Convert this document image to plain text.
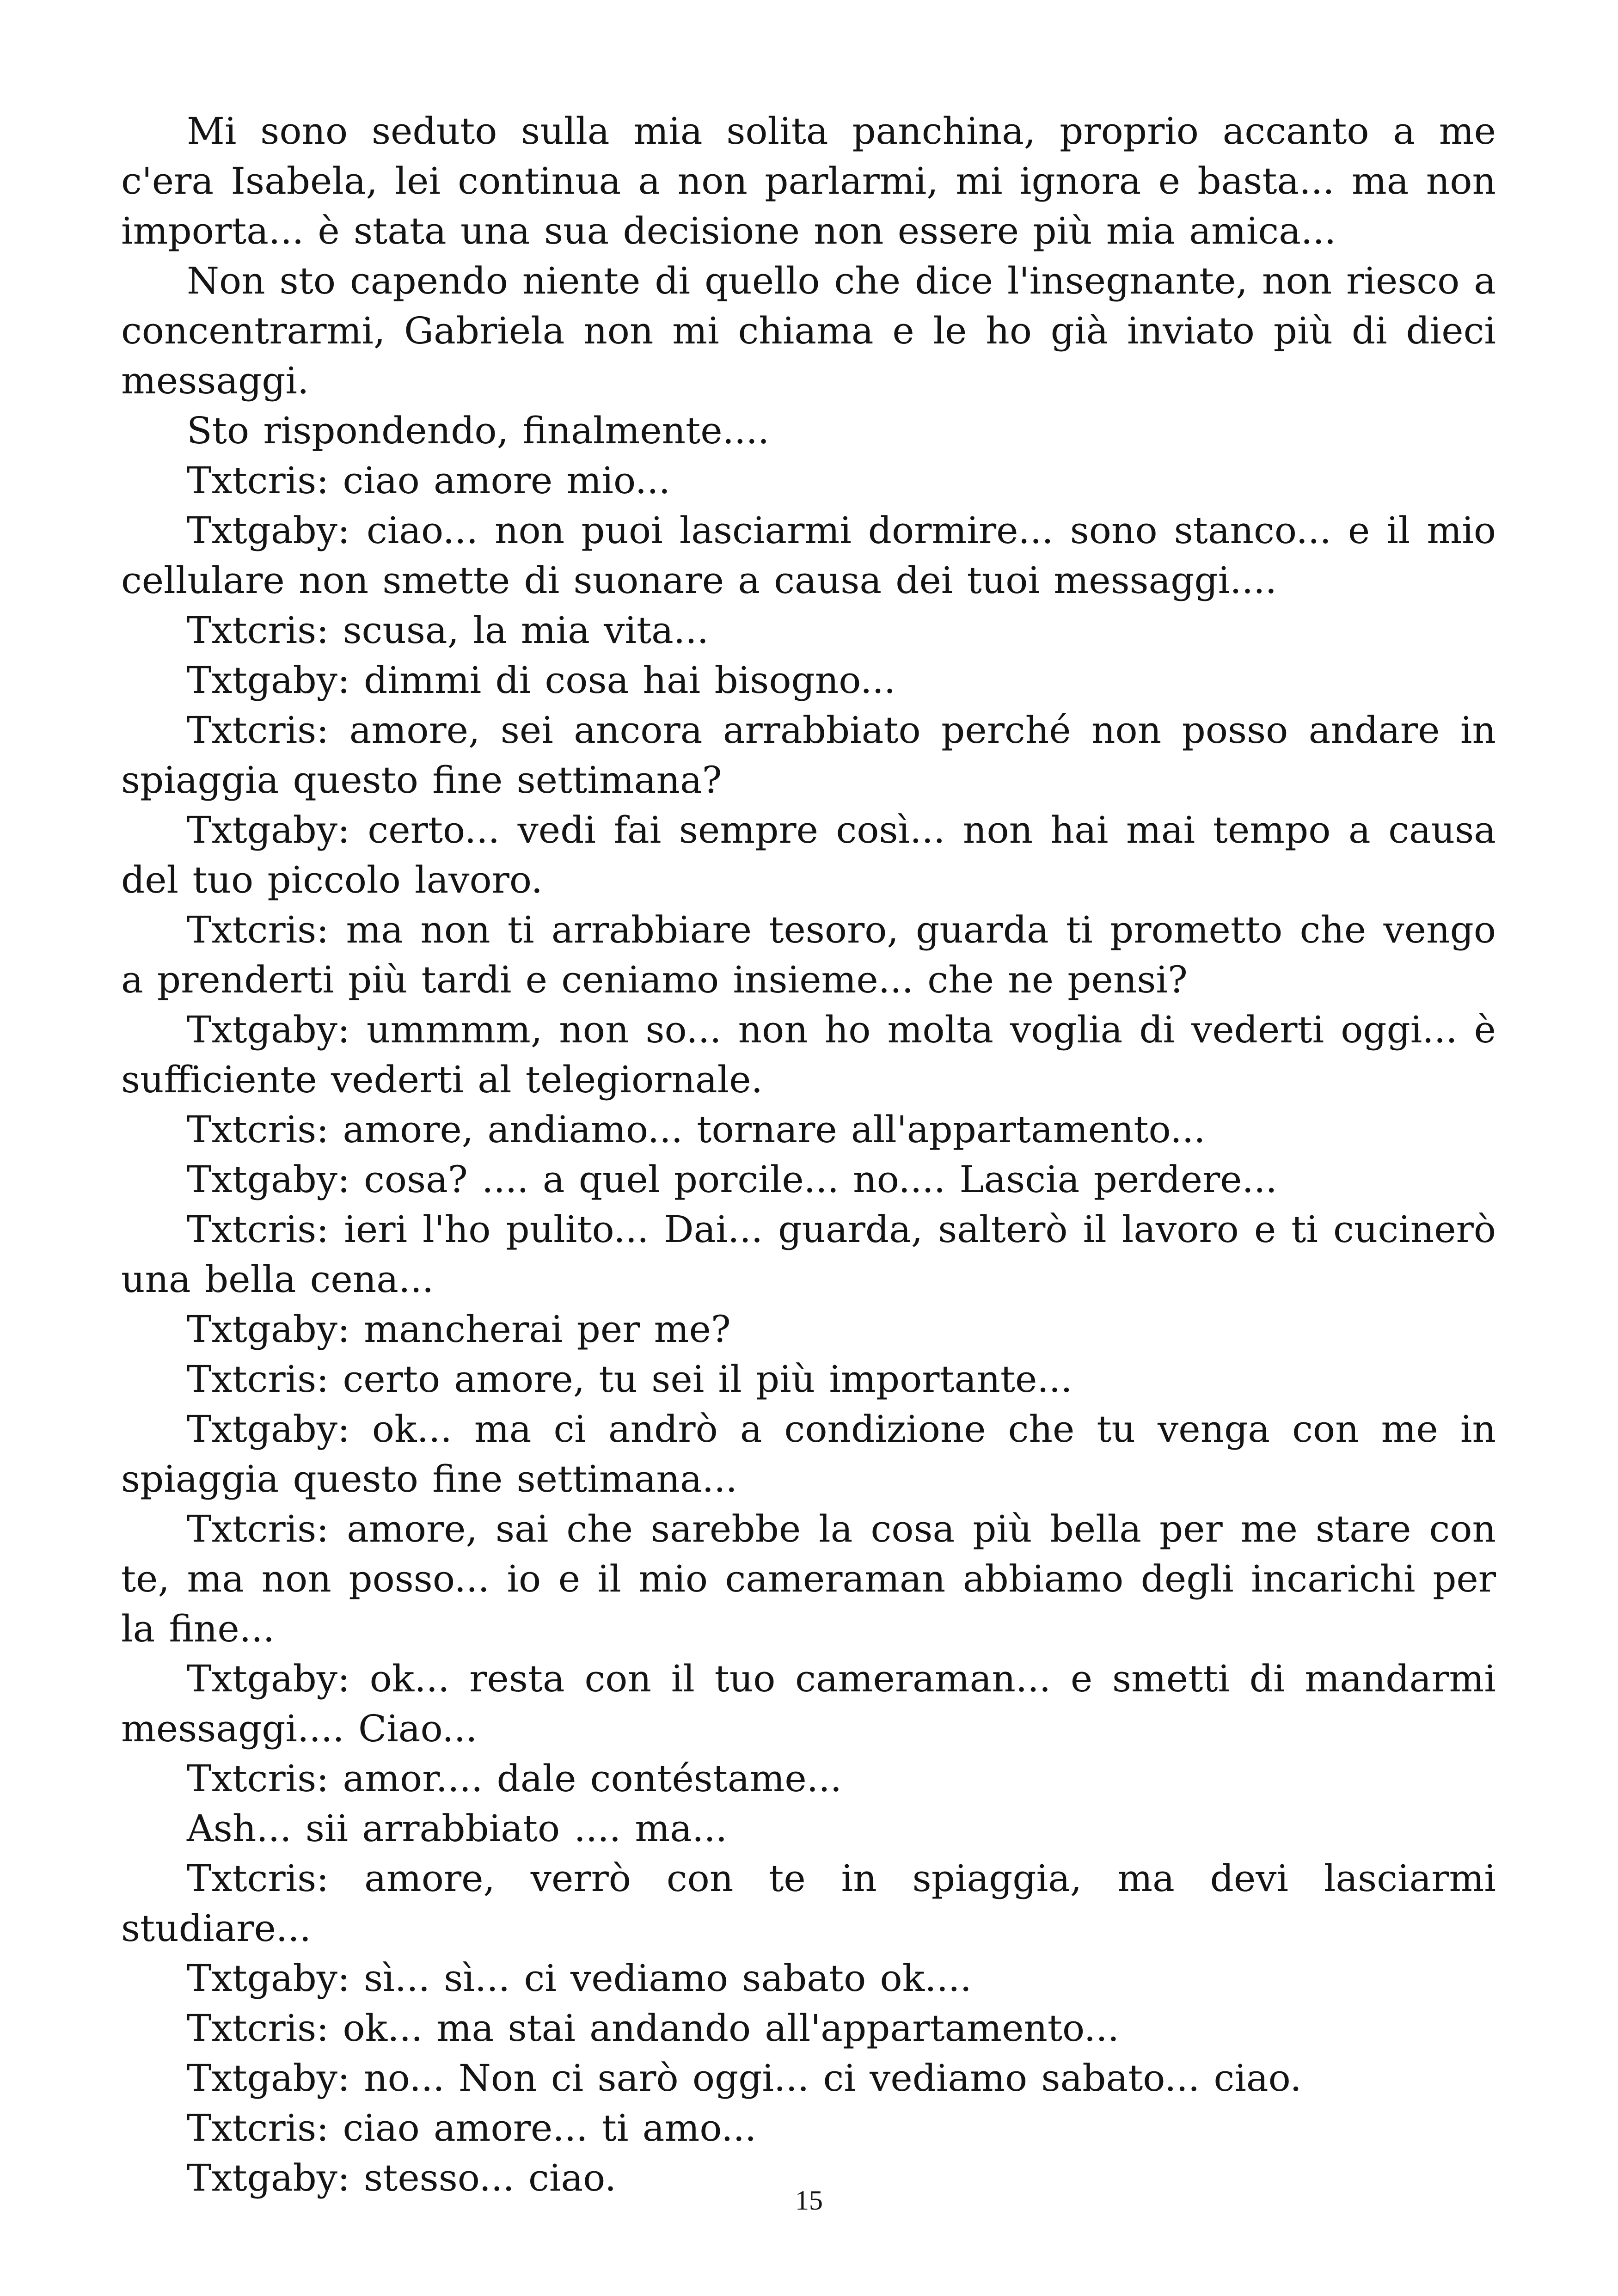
Mi sono seduto sulla mia solita panchina, proprio accanto a me c'era Isabela, lei continua a non parlarmi, mi ignora e basta... ma non importa... è stata una sua decisione non essere più mia amica...

Non sto capendo niente di quello che dice l'insegnante, non riesco a concentrarmi, Gabriela non mi chiama e le ho già inviato più di dieci messaggi.

Sto rispondendo, finalmente....

Txtcris: ciao amore mio...

Txtgaby: ciao... non puoi lasciarmi dormire... sono stanco... e il mio cellulare non smette di suonare a causa dei tuoi messaggi....

Txtcris: scusa, la mia vita...

Txtgaby: dimmi di cosa hai bisogno...

Txtcris: amore, sei ancora arrabbiato perché non posso andare in spiaggia questo fine settimana?

Txtgaby: certo... vedi fai sempre così... non hai mai tempo a causa del tuo piccolo lavoro.

Txtcris: ma non ti arrabbiare tesoro, guarda ti prometto che vengo a prenderti più tardi e ceniamo insieme... che ne pensi?

Txtgaby: ummmm, non so... non ho molta voglia di vederti oggi... è sufficiente vederti al telegiornale.

Txtcris: amore, andiamo... tornare all'appartamento...

Txtgaby: cosa? .... a quel porcile... no.... Lascia perdere...

Txtcris: ieri l'ho pulito... Dai... guarda, salterò il lavoro e ti cucinerò una bella cena...

Txtgaby: mancherai per me?

Txtcris: certo amore, tu sei il più importante...

Txtgaby: ok... ma ci andrò a condizione che tu venga con me in spiaggia questo fine settimana...

Txtcris: amore, sai che sarebbe la cosa più bella per me stare con te, ma non posso... io e il mio cameraman abbiamo degli incarichi per la fine...

Txtgaby: ok... resta con il tuo cameraman... e smetti di mandarmi messaggi.... Ciao...

Txtcris: amor.... dale contéstame...

Ash... sii arrabbiato .... ma...

Txtcris: amore, verrò con te in spiaggia, ma devi lasciarmi studiare...

Txtgaby: sì... sì... ci vediamo sabato ok....

Txtcris: ok... ma stai andando all'appartamento...

Txtgaby: no... Non ci sarò oggi... ci vediamo sabato... ciao.

Txtcris: ciao amore... ti amo...

Txtgaby: stesso... ciao.

15
